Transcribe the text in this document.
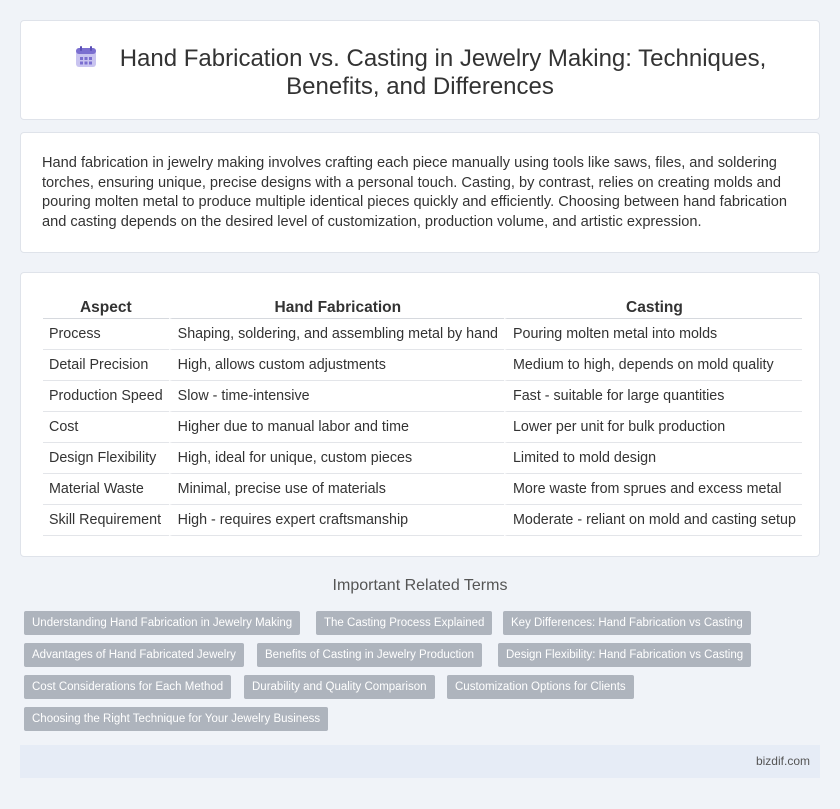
Hand Fabrication vs. Casting in Jewelry Making: Techniques,
Benefits, and Differences

Hand fabrication in jewelry making involves crafting each piece manually using tools like saws, files, and soldering torches, ensuring unique, precise designs with a personal touch. Casting, by contrast, relies on creating molds and pouring molten metal to produce multiple identical pieces quickly and efficiently. Choosing between hand fabrication and casting depends on the desired level of customization, production volume, and artistic expression.

Aspect	Hand Fabrication	Casting
Process	Shaping, soldering, and assembling metal by hand	Pouring molten metal into molds
Detail Precision	High, allows custom adjustments	Medium to high, depends on mold quality
Production Speed	Slow - time-intensive	Fast - suitable for large quantities
Cost	Higher due to manual labor and time	Lower per unit for bulk production
Design Flexibility	High, ideal for unique, custom pieces	Limited to mold design
Material Waste	Minimal, precise use of materials	More waste from sprues and excess metal
Skill Requirement	High - requires expert craftsmanship	Moderate - reliant on mold and casting setup
Important Related Terms
Understanding Hand Fabrication in Jewelry Making	The Casting Process Explained	Key Differences: Hand Fabrication vs Casting
Advantages of Hand Fabricated Jewelry	Benefits of Casting in Jewelry Production	Design Flexibility: Hand Fabrication vs Casting
Cost Considerations for Each Method	Durability and Quality Comparison	Customization Options for Clients
Choosing the Right Technique for Your Jewelry Business
bizdif.com
